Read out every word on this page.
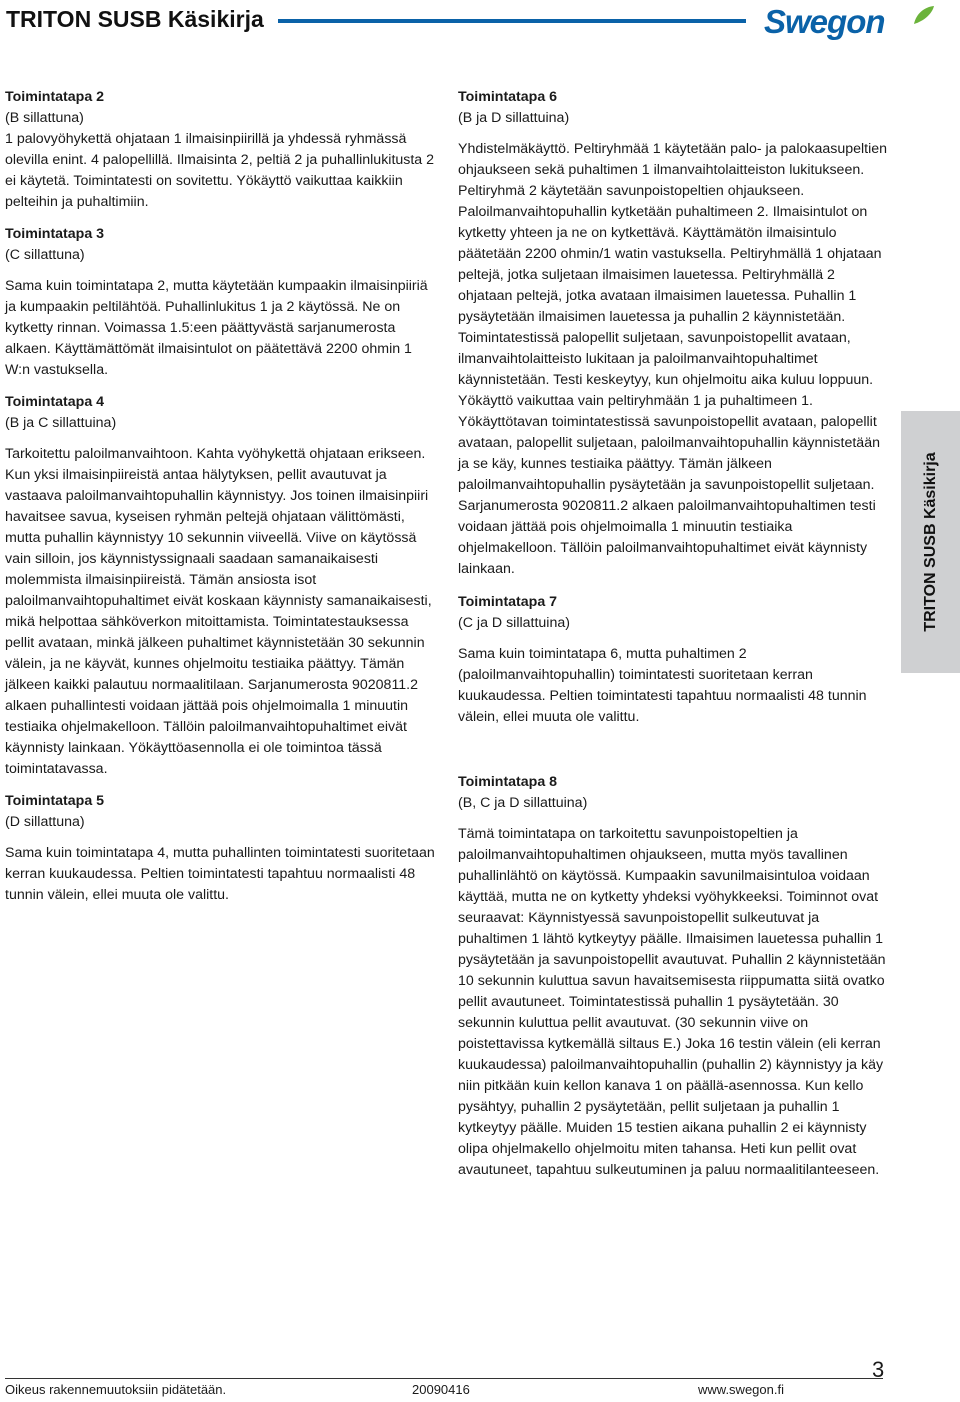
TRITON SUSB Käsikirja	Swegon
Toimintatapa 2
(B sillattuna)
1 palovyöhykettä ohjataan 1 ilmaisinpiirillä ja yhdessä ryhmässä olevilla enint. 4 palopellillä. Ilmaisinta 2, peltiä 2 ja puhallinlukitusta 2 ei käytetä. Toimintatesti on sovitettu. Yökäyttö vaikuttaa kaikkiin pelteihin ja puhaltimiin.
Toimintatapa 3
(C sillattuna)
Sama kuin toimintatapa 2, mutta käytetään kumpaakin ilmaisinpiiriä ja kumpaakin peltilähtöä. Puhallinlukitus 1 ja 2 käytössä. Ne on kytketty rinnan. Voimassa 1.5:een päättyvästä sarjanumerosta alkaen. Käyttämättömät ilmaisintulot on päätettävä 2200 ohmin 1 W:n vastuksella.
Toimintatapa 4
(B ja C sillattuina)
Tarkoitettu paloilmanvaihtoon. Kahta vyöhykettä ohjataan erikseen. Kun yksi ilmaisinpiireistä antaa hälytyksen, pellit avautuvat ja vastaava paloilmanvaihtopuhallin käynnistyy. Jos toinen ilmaisinpiiri havaitsee savua, kyseisen ryhmän peltejä ohjataan välittömästi, mutta puhallin käynnistyy 10 sekunnin viiveellä. Viive on käytössä vain silloin, jos käynnistyssignaali saadaan samanaikaisesti molemmista ilmaisinpiireistä. Tämän ansiosta isot paloilmanvaihtopuhaltimet eivät koskaan käynnisty samanaikaisesti, mikä helpottaa sähköverkon mitoittamista. Toimintatestauksessa pellit avataan, minkä jälkeen puhaltimet käynnistetään 30 sekunnin välein, ja ne käyvät, kunnes ohjelmoitu testiaika päättyy. Tämän jälkeen kaikki palautuu normaalitilaan. Sarjanumerosta 9020811.2 alkaen puhallintesti voidaan jättää pois ohjelmoimalla 1 minuutin testiaika ohjelmakelloon. Tällöin paloilmanvaihtopuhaltimet eivät käynnisty lainkaan. Yökäyttöasennolla ei ole toimintoa tässä toimintatavassa.
Toimintatapa 5
(D sillattuna)
Sama kuin toimintatapa 4, mutta puhallinten toimintatesti suoritetaan kerran kuukaudessa. Peltien toimintatesti tapahtuu normaalisti 48 tunnin välein, ellei muuta ole valittu.
Toimintatapa 6
(B ja D sillattuina)
Yhdistelmäkäyttö. Peltiryhmää 1 käytetään palo- ja palokaasupeltien ohjaukseen sekä puhaltimen 1 ilmanvaihtolaitteiston lukitukseen. Peltiryhmä 2 käytetään savunpoistopeltien ohjaukseen. Paloilmanvaihtopuhallin kytketään puhaltimeen 2. Ilmaisintulot on kytketty yhteen ja ne on kytkettävä. Käyttämätön ilmaisintulo päätetään 2200 ohmin/1 watin vastuksella. Peltiryhmällä 1 ohjataan peltejä, jotka suljetaan ilmaisimen lauetessa. Peltiryhmällä 2 ohjataan peltejä, jotka avataan ilmaisimen lauetessa. Puhallin 1 pysäytetään ilmaisimen lauetessa ja puhallin 2 käynnistetään. Toimintatestissä palopellit suljetaan, savunpoistopellit avataan, ilmanvaihtolaitteisto lukitaan ja paloilmanvaihtopuhaltimet käynnistetään. Testi keskeytyy, kun ohjelmoitu aika kuluu loppuun. Yökäyttö vaikuttaa vain peltiryhmään 1 ja puhaltimeen 1. Yökäyttötavan toimintatestissä savunpoistopellit avataan, palopellit avataan, palopellit suljetaan, paloilmanvaihtopuhallin käynnistetään ja se käy, kunnes testiaika päättyy. Tämän jälkeen paloilmanvaihtopuhallin pysäytetään ja savunpoistopellit suljetaan. Sarjanumerosta 9020811.2 alkaen paloilmanvaihtopuhaltimen testi voidaan jättää pois ohjelmoimalla 1 minuutin testiaika ohjelmakelloon. Tällöin paloilmanvaihtopuhaltimet eivät käynnisty lainkaan.
Toimintatapa 7
(C ja D sillattuina)
Sama kuin toimintatapa 6, mutta puhaltimen 2 (paloilmanvaihtopuhallin) toimintatesti suoritetaan kerran kuukaudessa. Peltien toimintatesti tapahtuu normaalisti 48 tunnin välein, ellei muuta ole valittu.
Toimintatapa 8
(B, C ja D sillattuina)
Tämä toimintatapa on tarkoitettu savunpoistopeltien ja paloilmanvaihtopuhaltimen ohjaukseen, mutta myös tavallinen puhallinlähtö on käytössä. Kumpaakin savunilmaisintuloa voidaan käyttää, mutta ne on kytketty yhdeksi vyöhykkeeksi. Toiminnot ovat seuraavat: Käynnistyessä savunpoistopellit sulkeutuvat ja puhaltimen 1 lähtö kytkeytyy päälle. Ilmaisimen lauetessa puhallin 1 pysäytetään ja savunpoistopellit avautuvat. Puhallin 2 käynnistetään 10 sekunnin kuluttua savun havaitsemisesta riippumatta siitä ovatko pellit avautuneet. Toimintatestissä puhallin 1 pysäytetään. 30 sekunnin kuluttua pellit avautuvat. (30 sekunnin viive on poistettavissa kytkemällä siltaus E.) Joka 16 testin välein (eli kerran kuukaudessa) paloilmanvaihtopuhallin (puhallin 2) käynnistyy ja käy niin pitkään kuin kellon kanava 1 on päällä-asennossa. Kun kello pysähtyy, puhallin 2 pysäytetään, pellit suljetaan ja puhallin 1 kytkeytyy päälle. Muiden 15 testien aikana puhallin 2 ei käynnisty olipa ohjelmakello ohjelmoitu miten tahansa. Heti kun pellit ovat avautuneet, tapahtuu sulkeutuminen ja paluu normaalitilanteeseen.
TRITON SUSB Käsikirja
Oikeus rakennemuutoksiin pidätetään.	20090416	www.swegon.fi
3
